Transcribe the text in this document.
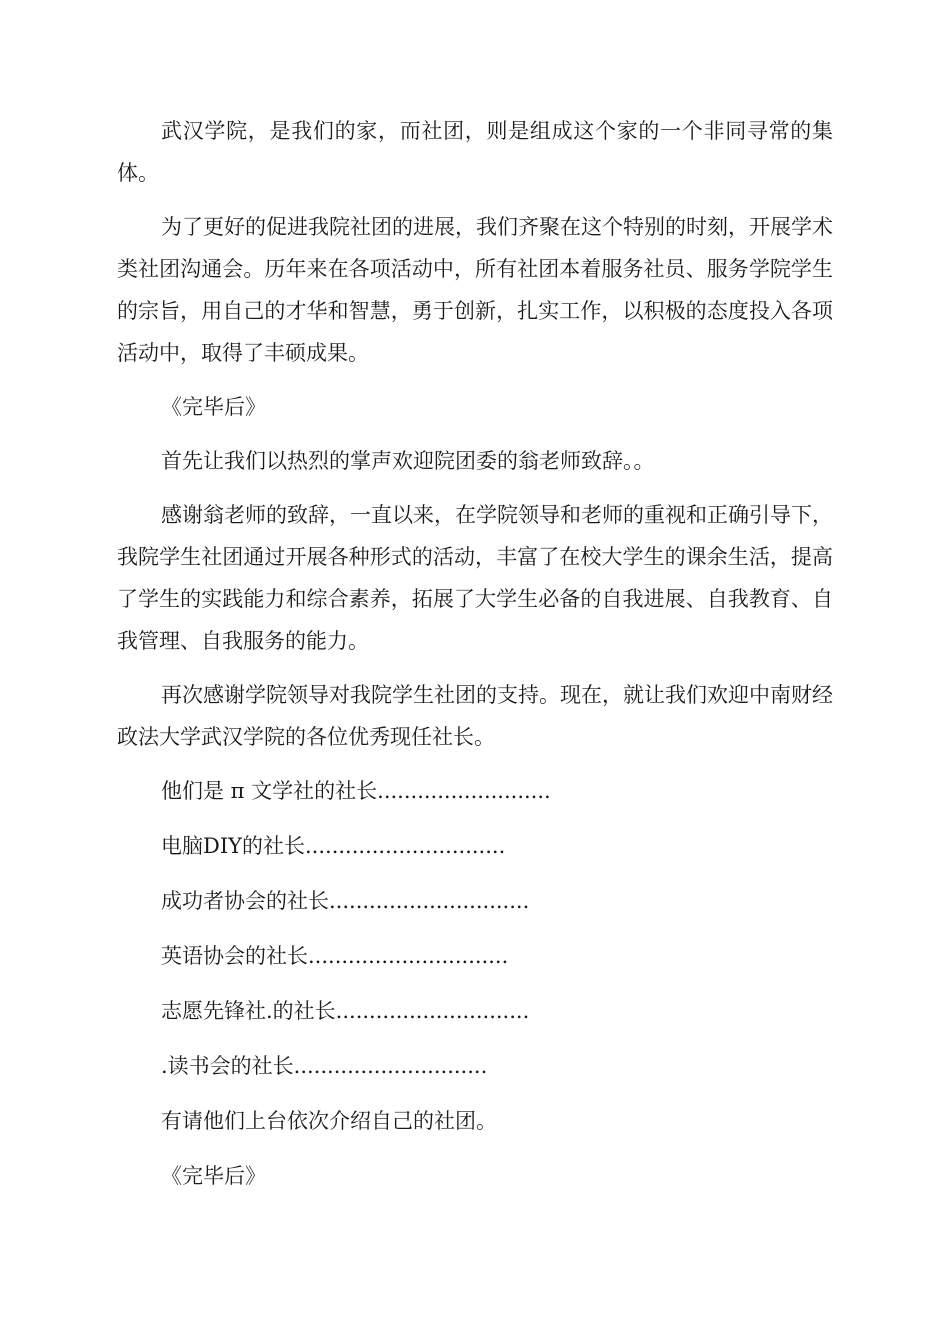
武汉学院，是我们的家，而社团，则是组成这个家的一个非同寻常的集体。

为了更好的促进我院社团的进展，我们齐聚在这个特别的时刻，开展学术类社团沟通会。历年来在各项活动中，所有社团本着服务社员、服务学院学生的宗旨，用自己的才华和智慧，勇于创新，扎实工作，以积极的态度投入各项活动中，取得了丰硕成果。

《完毕后》

首先让我们以热烈的掌声欢迎院团委的翁老师致辞。。

感谢翁老师的致辞，一直以来，在学院领导和老师的重视和正确引导下，我院学生社团通过开展各种形式的活动，丰富了在校大学生的课余生活，提高了学生的实践能力和综合素养，拓展了大学生必备的自我进展、自我教育、自我管理、自我服务的能力。

再次感谢学院领导对我院学生社团的支持。现在，就让我们欢迎中南财经政法大学武汉学院的各位优秀现任社长。

他们是 π 文学社的社长..........................

电脑DIY的社长..............................

成功者协会的社长..............................

英语协会的社长..............................

志愿先锋社.的社长.............................

.读书会的社长.............................

有请他们上台依次介绍自己的社团。

《完毕后》
